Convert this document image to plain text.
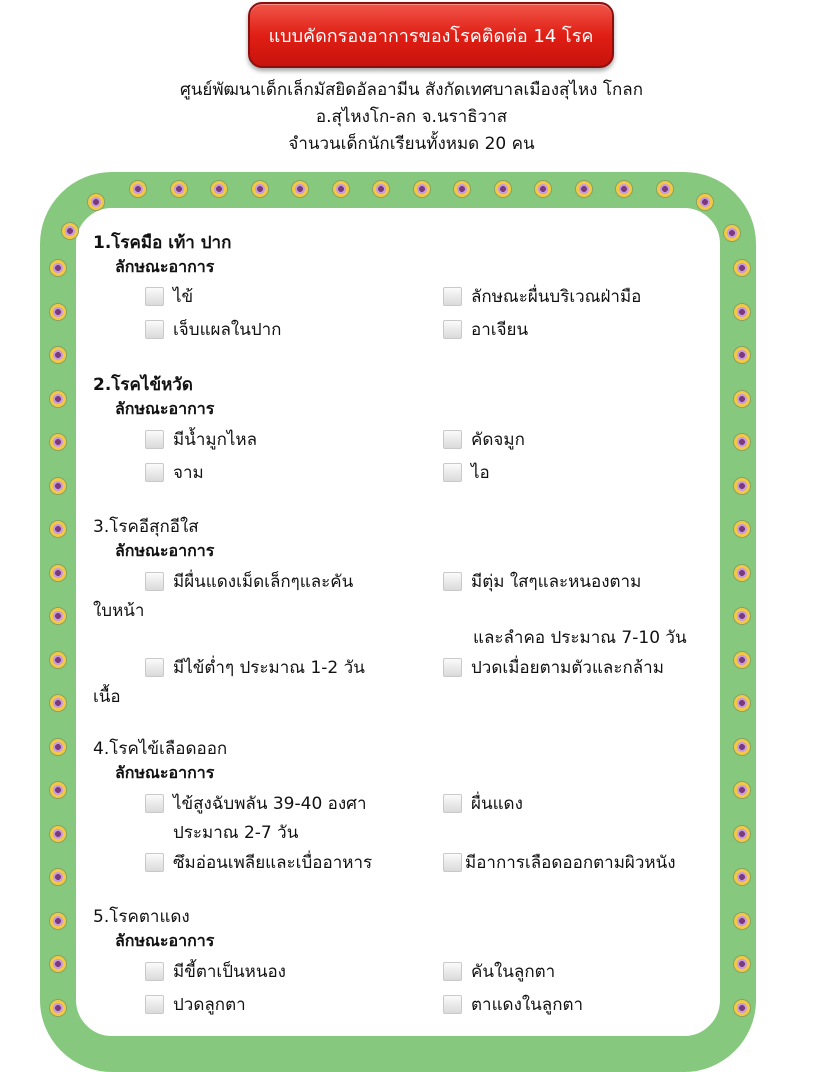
แบบคัดกรองอาการของโรคติดต่อ 14 โรค
ศูนย์พัฒนาเด็กเล็กมัสยิดอัลอามีน สังกัดเทศบาลเมืองสุไหง โกลก
อ.สุไหงโก-ลก จ.นราธิวาส
จำนวนเด็กนักเรียนทั้งหมด 20 คน
1.โรคมือ เท้า ปาก
ลักษณะอาการ
ไข้	ลักษณะผื่นบริเวณฝ่ามือ
เจ็บแผลในปาก	อาเจียน
2.โรคไข้หวัด
ลักษณะอาการ
มีน้ำมูกไหล	คัดจมูก
จาม	ไอ
3.โรคอีสุกอีใส
ลักษณะอาการ
มีผื่นแดงเม็ดเล็กๆและคัน	มีตุ่ม ใสๆและหนองตาม
ใบหน้า
และลำคอ ประมาณ 7-10 วัน
มีไข้ต่ำๆ ประมาณ 1-2 วัน	ปวดเมื่อยตามตัวและกล้าม
เนื้อ
4.โรคไข้เลือดออก
ลักษณะอาการ
ไข้สูงฉับพลัน 39-40 องศา	ผื่นแดง
ประมาณ 2-7 วัน
ซึมอ่อนเพลียและเบื่ออาหาร	มีอาการเลือดออกตามผิวหนัง
5.โรคตาแดง
ลักษณะอาการ
มีขี้ตาเป็นหนอง	คันในลูกตา
ปวดลูกตา	ตาแดงในลูกตา
